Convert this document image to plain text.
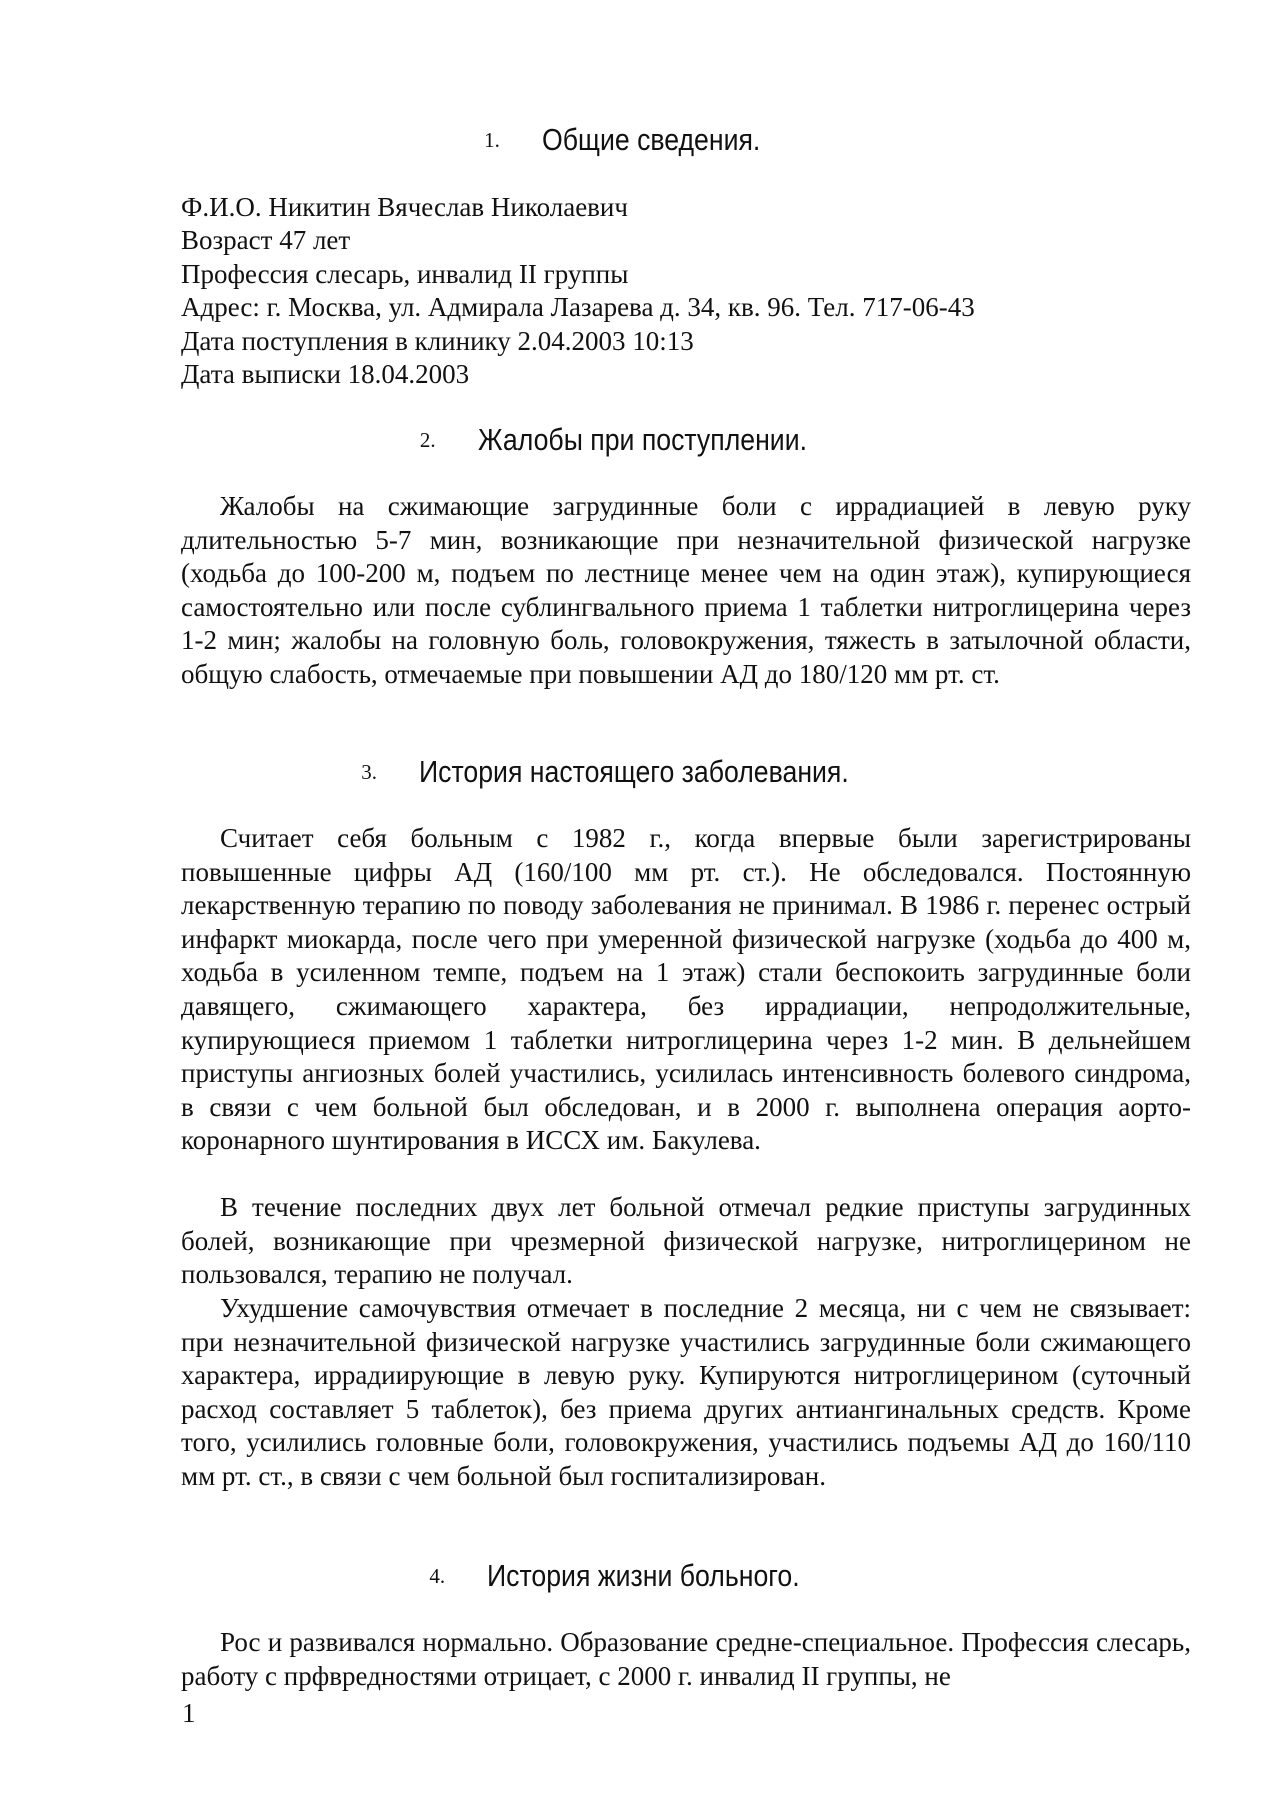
1. Общие сведения.
Ф.И.О. Никитин Вячеслав Николаевич
Возраст 47 лет
Профессия слесарь, инвалид II группы
Адрес: г. Москва, ул. Адмирала Лазарева д. 34, кв. 96. Тел. 717-06-43
Дата поступления в клинику 2.04.2003 10:13
Дата выписки 18.04.2003
2. Жалобы при поступлении.

Жалобы на сжимающие загрудинные боли с иррадиацией в левую руку длительностью 5-7 мин, возникающие при незначительной физической нагрузке (ходьба до 100-200 м, подъем по лестнице менее чем на один этаж), купирующиеся самостоятельно или после сублингвального приема 1 таблетки нитроглицерина через 1-2 мин; жалобы на головную боль, головокружения, тяжесть в затылочной области, общую слабость, отмечаемые при повышении АД до 180/120 мм рт. ст.

3. История настоящего заболевания.

Считает себя больным с 1982 г., когда впервые были зарегистрированы повышенные цифры АД (160/100 мм рт. ст.). Не обследовался. Постоянную лекарственную терапию по поводу заболевания не принимал. В 1986 г. перенес острый инфаркт миокарда, после чего при умеренной физической нагрузке (ходьба до 400 м, ходьба в усиленном темпе, подъем на 1 этаж) стали беспокоить загрудинные боли давящего, сжимающего характера, без иррадиации, непродолжительные, купирующиеся приемом 1 таблетки нитроглицерина через 1-2 мин. В дельнейшем приступы ангиозных болей участились, усилилась интенсивность болевого синдрома, в связи с чем больной был обследован, и в 2000 г. выполнена операция аорто-коронарного шунтирования в ИССХ им. Бакулева.

В течение последних двух лет больной отмечал редкие приступы загрудинных болей, возникающие при чрезмерной физической нагрузке, нитроглицерином не пользовался, терапию не получал.

Ухудшение самочувствия отмечает в последние 2 месяца, ни с чем не связывает: при незначительной физической нагрузке участились загрудинные боли сжимающего характера, иррадиирующие в левую руку. Купируются нитроглицерином (суточный расход составляет 5 таблеток), без приема других антиангинальных средств. Кроме того, усилились головные боли, головокружения, участились подъемы АД до 160/110 мм рт. ст., в связи с чем больной был госпитализирован.

4. История жизни больного.

Рос и развивался нормально. Образование средне-специальное. Профессия слесарь, работу с прфвредностями отрицает, с 2000 г. инвалид II группы, не

1
